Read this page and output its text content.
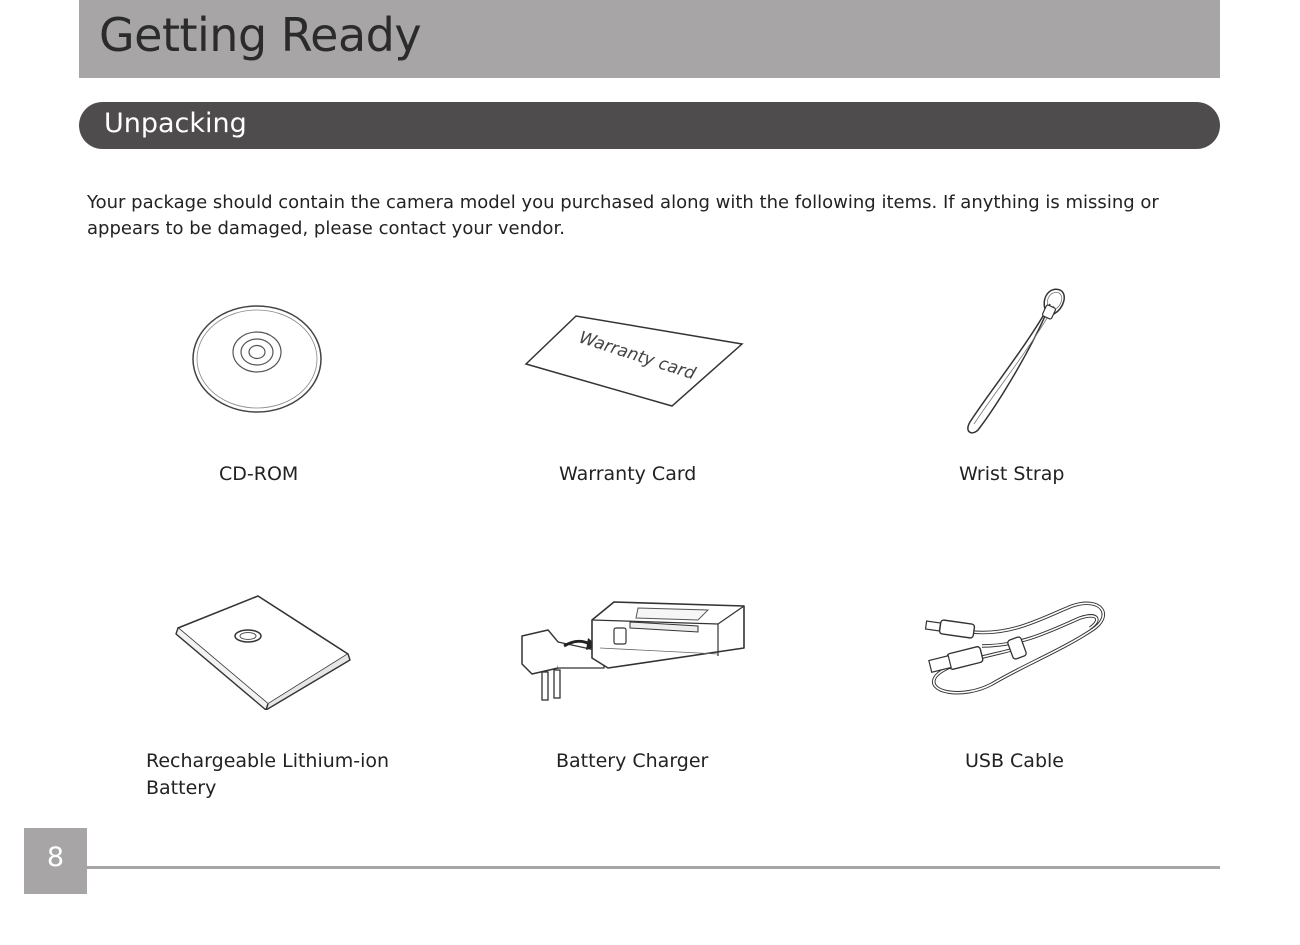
Getting Ready
Unpacking

Your package should contain the camera model you purchased along with the following items. If anything is missing or appears to be damaged, please contact your vendor.

CD-ROM
Warranty card
Warranty Card	Wrist Strap
Rechargeable Lithium-ion
Battery
Battery Charger	USB Cable
8
